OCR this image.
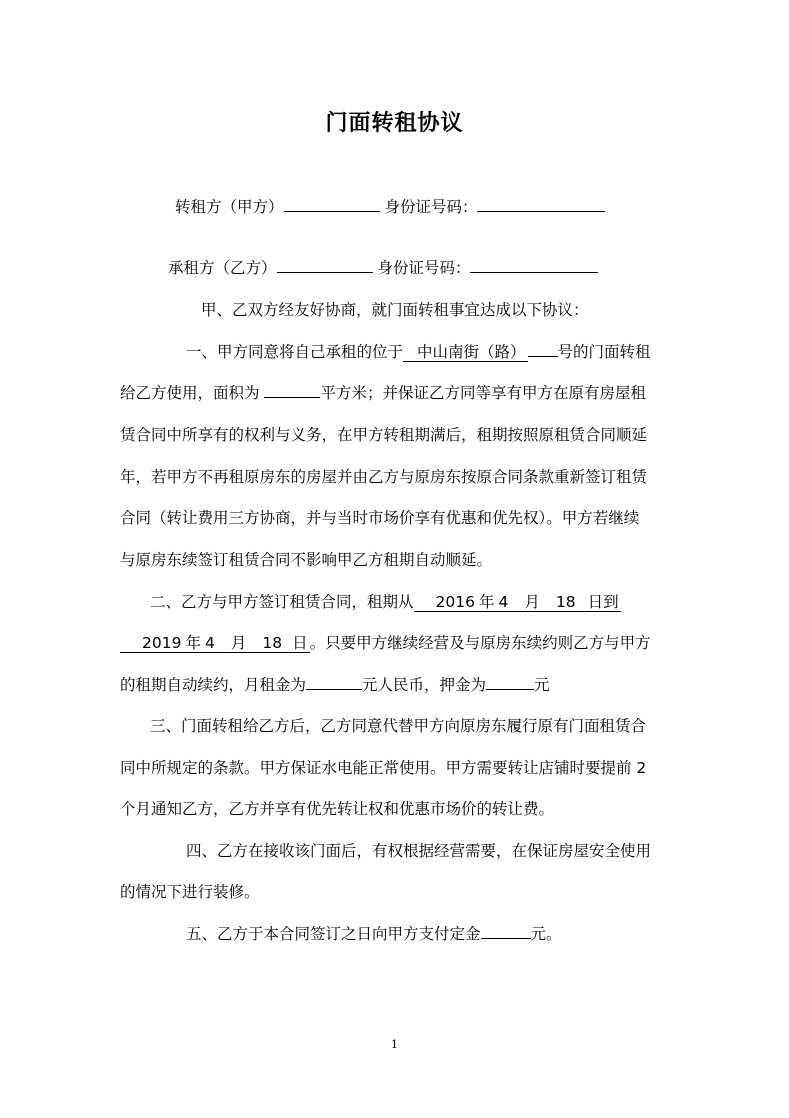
门面转租协议
转租方（甲方）	身份证号码：
承租方（乙方）	身份证号码：
甲、乙双方经友好协商，就门面转租事宜达成以下协议：
一、甲方同意将自己承租的位于 中山南街（路） 号的门面转租
给乙方使用，面积为	平方米；并保证乙方同等享有甲方在原有房屋租
赁合同中所享有的权利与义务，在甲方转租期满后，租期按照原租赁合同顺延
年，若甲方不再租原房东的房屋并由乙方与原房东按原合同条款重新签订租赁
合同（转让费用三方协商，并与当时市场价享有优惠和优先权）。甲方若继续
与原房东续签订租赁合同不影响甲乙方租期自动顺延。
二、乙方与甲方签订租赁合同，租期从 2016 年 4 月 18 日到
2019 年 4 月 18 日 。只要甲方继续经营及与原房东续约则乙方与甲方
的租期自动续约，月租金为	元人民币，押金为	元
三、门面转租给乙方后，乙方同意代替甲方向原房东履行原有门面租赁合
同中所规定的条款。甲方保证水电能正常使用。甲方需要转让店铺时要提前 2
个月通知乙方，乙方并享有优先转让权和优惠市场价的转让费。
四、乙方在接收该门面后，有权根据经营需要，在保证房屋安全使用
的情况下进行装修。
五、乙方于本合同签订之日向甲方支付定金	元。
1
